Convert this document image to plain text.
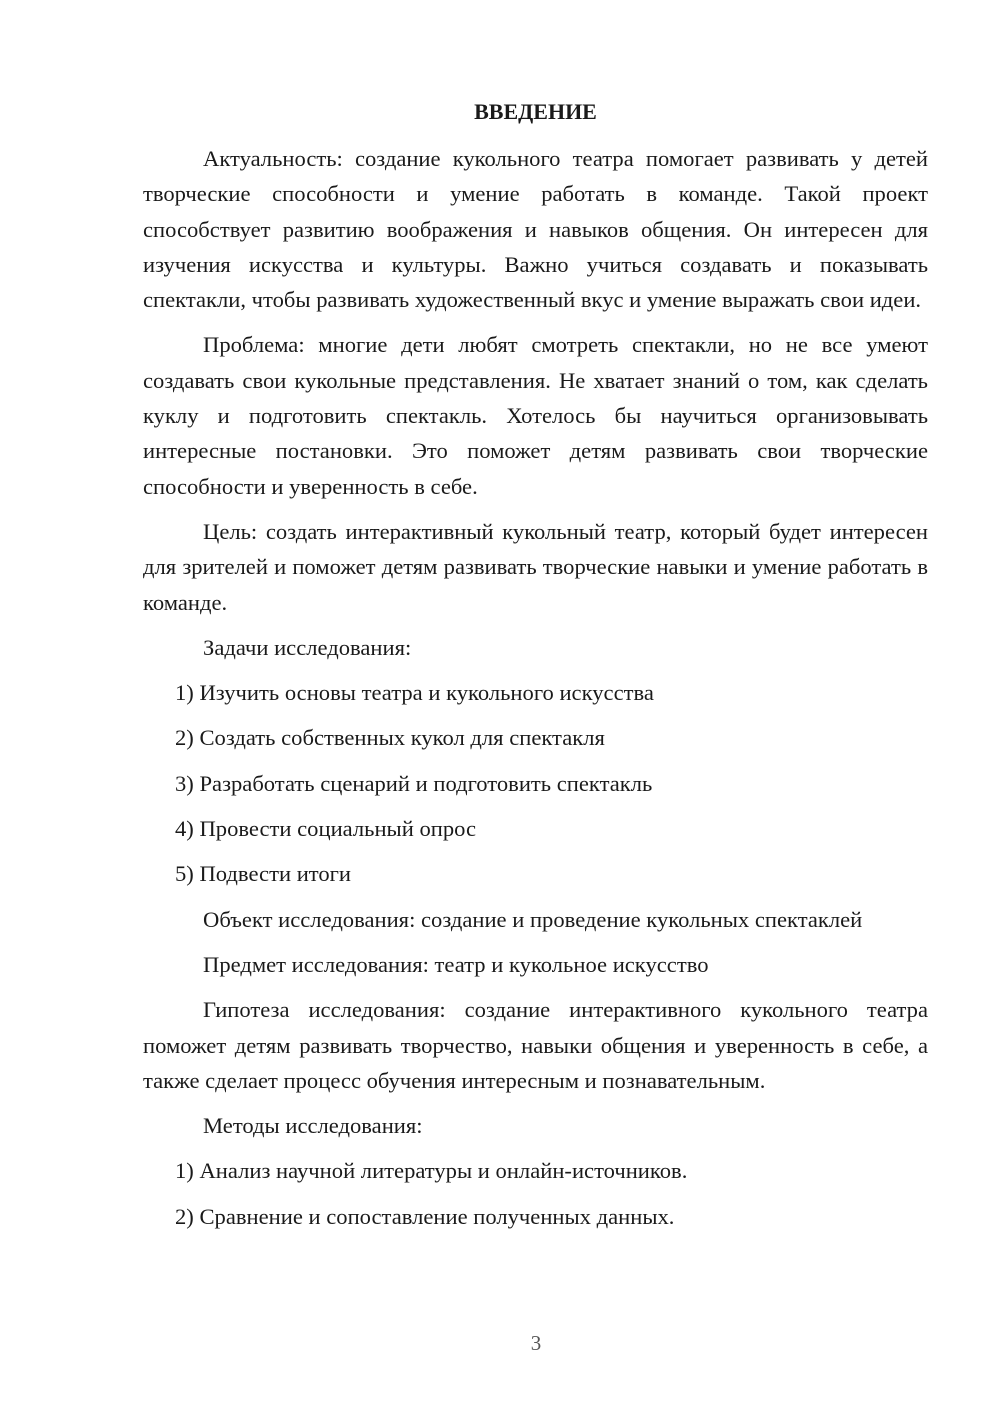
ВВЕДЕНИЕ
Актуальность: создание кукольного театра помогает развивать у детей творческие способности и умение работать в команде. Такой проект способствует развитию воображения и навыков общения. Он интересен для изучения искусства и культуры. Важно учиться создавать и показывать спектакли, чтобы развивать художественный вкус и умение выражать свои идеи.
Проблема: многие дети любят смотреть спектакли, но не все умеют создавать свои кукольные представления. Не хватает знаний о том, как сделать куклу и подготовить спектакль. Хотелось бы научиться организовывать интересные постановки. Это поможет детям развивать свои творческие способности и уверенность в себе.
Цель: создать интерактивный кукольный театр, который будет интересен для зрителей и поможет детям развивать творческие навыки и умение работать в команде.
Задачи исследования:
1) Изучить основы театра и кукольного искусства
2) Создать собственных кукол для спектакля
3) Разработать сценарий и подготовить спектакль
4) Провести социальный опрос
5) Подвести итоги
Объект исследования: создание и проведение кукольных спектаклей
Предмет исследования: театр и кукольное искусство
Гипотеза исследования: создание интерактивного кукольного театра поможет детям развивать творчество, навыки общения и уверенность в себе, а также сделает процесс обучения интересным и познавательным.
Методы исследования:
1) Анализ научной литературы и онлайн-источников.
2) Сравнение и сопоставление полученных данных.
3
